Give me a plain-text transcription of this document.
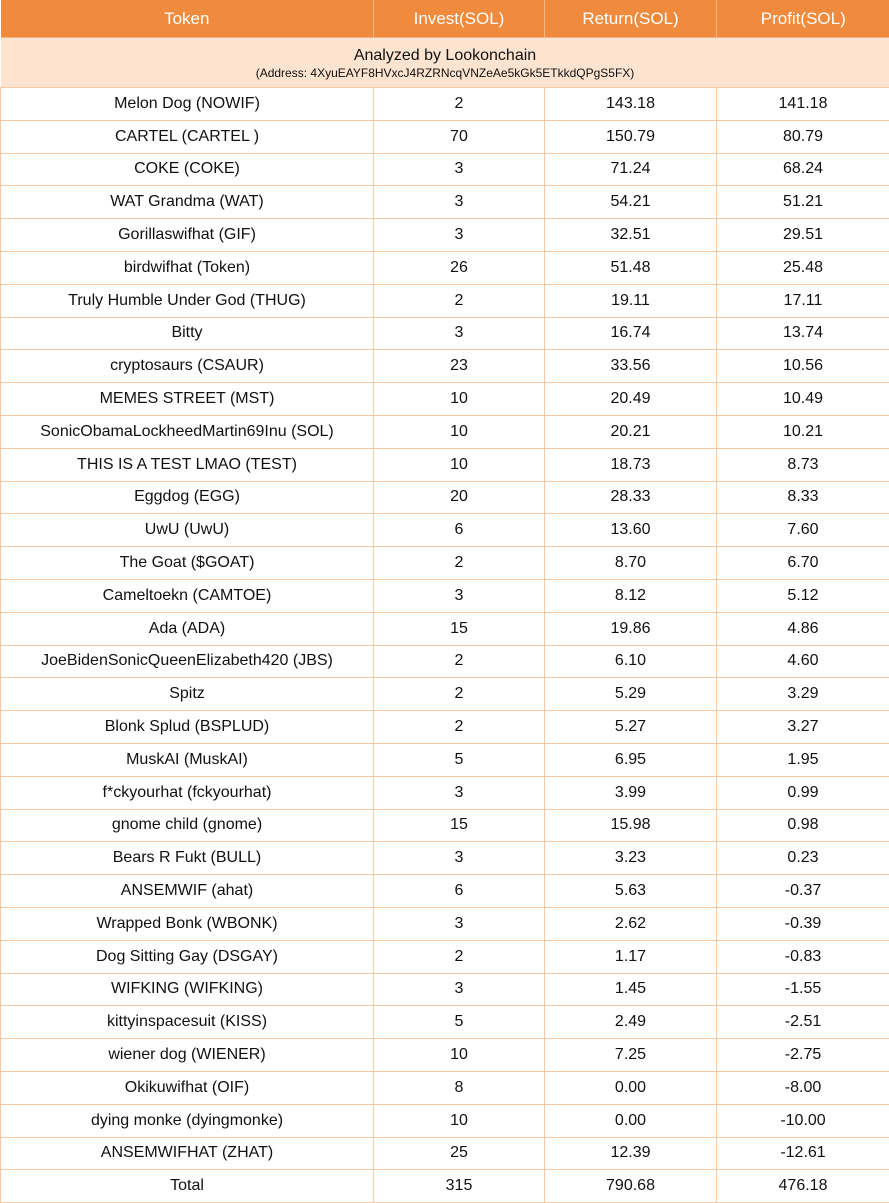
Token	Invest(SOL)	Return(SOL)	Profit(SOL)

Analyzed by Lookonchain
(Address: 4XyuEAYF8HVxcJ4RZRNcqVNZeAe5kGk5ETkkdQPgS5FX)			

Melon Dog (NOWIF)	2	143.18	141.18
CARTEL (CARTEL )	70	150.79	80.79
COKE (COKE)	3	71.24	68.24
WAT Grandma (WAT)	3	54.21	51.21
Gorillaswifhat (GIF)	3	32.51	29.51
birdwifhat (Token)	26	51.48	25.48
Truly Humble Under God (THUG)	2	19.11	17.11
Bitty	3	16.74	13.74
cryptosaurs (CSAUR)	23	33.56	10.56
MEMES STREET (MST)	10	20.49	10.49
SonicObamaLockheedMartin69Inu (SOL)	10	20.21	10.21
THIS IS A TEST LMAO (TEST)	10	18.73	8.73
Eggdog (EGG)	20	28.33	8.33
UwU (UwU)	6	13.60	7.60
The Goat ($GOAT)	2	8.70	6.70
Cameltoekn (CAMTOE)	3	8.12	5.12
Ada (ADA)	15	19.86	4.86
JoeBidenSonicQueenElizabeth420 (JBS)	2	6.10	4.60
Spitz	2	5.29	3.29
Blonk Splud (BSPLUD)	2	5.27	3.27
MuskAI (MuskAI)	5	6.95	1.95
f*ckyourhat (fckyourhat)	3	3.99	0.99
gnome child (gnome)	15	15.98	0.98
Bears R Fukt (BULL)	3	3.23	0.23
ANSEMWIF (ahat)	6	5.63	-0.37
Wrapped Bonk (WBONK)	3	2.62	-0.39
Dog Sitting Gay (DSGAY)	2	1.17	-0.83
WIFKING (WIFKING)	3	1.45	-1.55
kittyinspacesuit (KISS)	5	2.49	-2.51
wiener dog (WIENER)	10	7.25	-2.75
Okikuwifhat (OIF)	8	0.00	-8.00
dying monke (dyingmonke)	10	0.00	-10.00
ANSEMWIFHAT (ZHAT)	25	12.39	-12.61
Total	315	790.68	476.18
